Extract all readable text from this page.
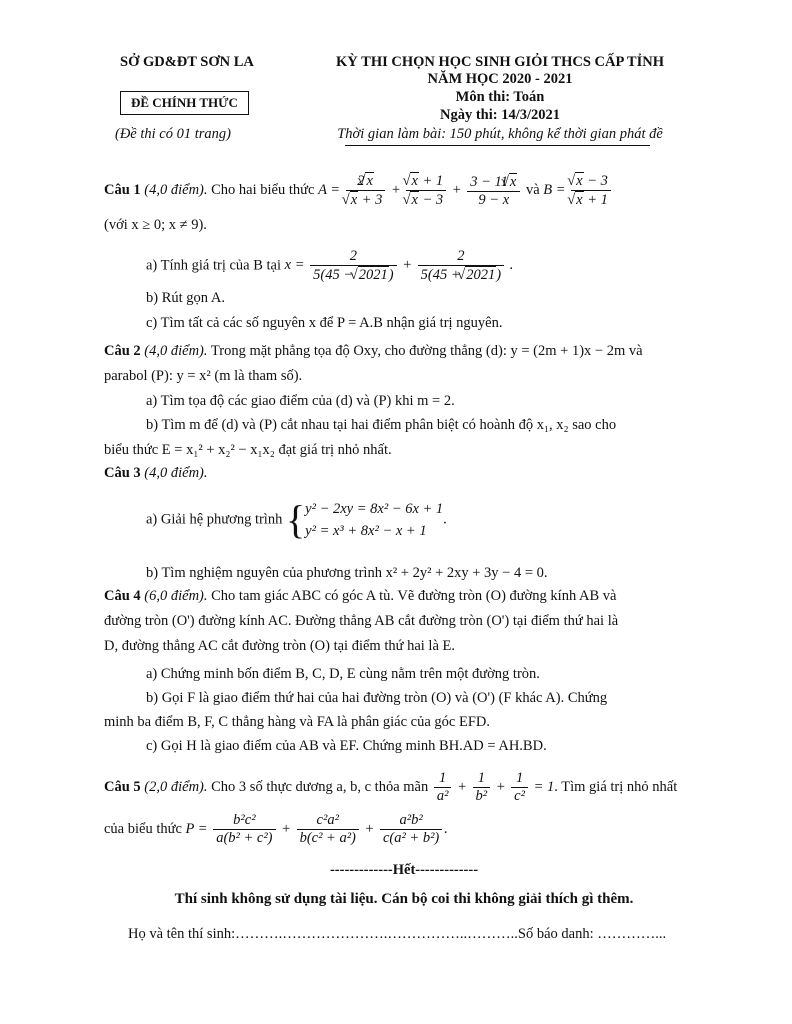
SỞ GD&ĐT SƠN LA
ĐỀ CHÍNH THỨC
(Đề thi có 01 trang)
KỲ THI CHỌN HỌC SINH GIỎI THCS CẤP TỈNH
NĂM HỌC 2020 - 2021
Môn thi: Toán
Ngày thi: 14/3/2021
Thời gian làm bài: 150 phút, không kể thời gian phát đề
Câu 1 (4,0 điểm). Cho hai biểu thức A = 2 √ x
√ x + 3 + √ x + 1
√ $x - 3 + \frac{3 - 11 √ x}{9 - x}$ và B = √ x − 3
√ x + 1
(với x ≥ 0; x ≠ 9).
a) Tính giá trị của B tại $x = \frac{2}{5(45 - √ 2021)} + \frac{2}{5(45 + √ 2021)}$ .
b) Rút gọn A.
c) Tìm tất cả các số nguyên x để P = A.B nhận giá trị nguyên.
Câu 2 (4,0 điểm). Trong mặt phẳng tọa độ Oxy, cho đường thẳng (d): y = (2m + 1)x − 2m và
parabol (P): y = x² (m là tham số).
a) Tìm tọa độ các giao điểm của (d) và (P) khi m = 2.
b) Tìm m để (d) và (P) cắt nhau tại hai điểm phân biệt có hoành độ x₁, x₂ sao cho
biểu thức E = x₁² + x₂² − x₁x₂ đạt giá trị nhỏ nhất.
Câu 3 (4,0 điểm).
a) Giải hệ phương trình { y² − 2xy = 8x² − 6x + 1
y² = x³ + 8x² − x + 1
.
b) Tìm nghiệm nguyên của phương trình x² + 2y² + 2xy + 3y − 4 = 0.
Câu 4 (6,0 điểm). Cho tam giác ABC có góc A tù. Vẽ đường tròn (O) đường kính AB và
đường tròn (O') đường kính AC. Đường thẳng AB cắt đường tròn (O') tại điểm thứ hai là
D, đường thẳng AC cắt đường tròn (O) tại điểm thứ hai là E.
a) Chứng minh bốn điểm B, C, D, E cùng nằm trên một đường tròn.
b) Gọi F là giao điểm thứ hai của hai đường tròn (O) và (O') (F khác A). Chứng
minh ba điểm B, F, C thẳng hàng và FA là phân giác của góc EFD.
c) Gọi H là giao điểm của AB và EF. Chứng minh BH.AD = AH.BD.
Câu 5 (2,0 điểm). Cho 3 số thực dương a, b, c thỏa mãn $\frac{1}{\text{a²}} + \frac{1}{\text{b²}} + \frac{1}{\text{c²}} = 1$. Tìm giá trị nhỏ nhất
của biểu thức $P = \frac{\text{b²c²}}{\text{a(b² + c²)}} + \frac{\text{c²a²}}{\text{b(c² + a²)}} + \frac{\text{a²b²}}{\text{c(a² + b²)}}$ .
-------------Hết-------------
Thí sinh không sử dụng tài liệu. Cán bộ coi thi không giải thích gì thêm.
Họ và tên thí sinh:……….………………….……………..………..Số báo danh: …………...
